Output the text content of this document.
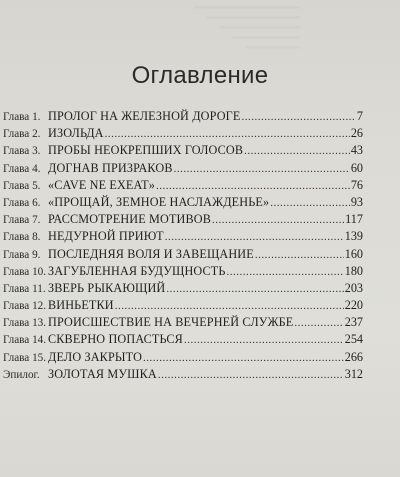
...............................................
..........................................
....................................
..............................
........................
Оглавление
Глава 1. ПРОЛОГ НА ЖЕЛЕЗНОЙ ДОРОГЕ .....	7
Глава 2. ИЗОЛЬДА .....	26
Глава 3. ПРОБЫ НЕОКРЕПШИХ ГОЛОСОВ .....	43
Глава 4. ДОГНАВ ПРИЗРАКОВ .....	60
Глава 5. «CAVE NE EXEAT» .....	76
Глава 6. «ПРОЩАЙ, ЗЕМНОЕ НАСЛАЖДЕНЬЕ» .....	93
Глава 7. РАССМОТРЕНИЕ МОТИВОВ .....	117
Глава 8. НЕДУРНОЙ ПРИЮТ .....	139
Глава 9. ПОСЛЕДНЯЯ ВОЛЯ И ЗАВЕЩАНИЕ .....	160
Глава 10. ЗАГУБЛЕННАЯ БУДУЩНОСТЬ .....	180
Глава 11. ЗВЕРЬ РЫКАЮЩИЙ .....	203
Глава 12. ВИНЬЕТКИ .....	220
Глава 13. ПРОИСШЕСТВИЕ НА ВЕЧЕРНЕЙ СЛУЖБЕ .....	237
Глава 14. СКВЕРНО ПОПАСТЬСЯ .....	254
Глава 15. ДЕЛО ЗАКРЫТО .....	266
Эпилог. ЗОЛОТАЯ МУШКА .....	312
